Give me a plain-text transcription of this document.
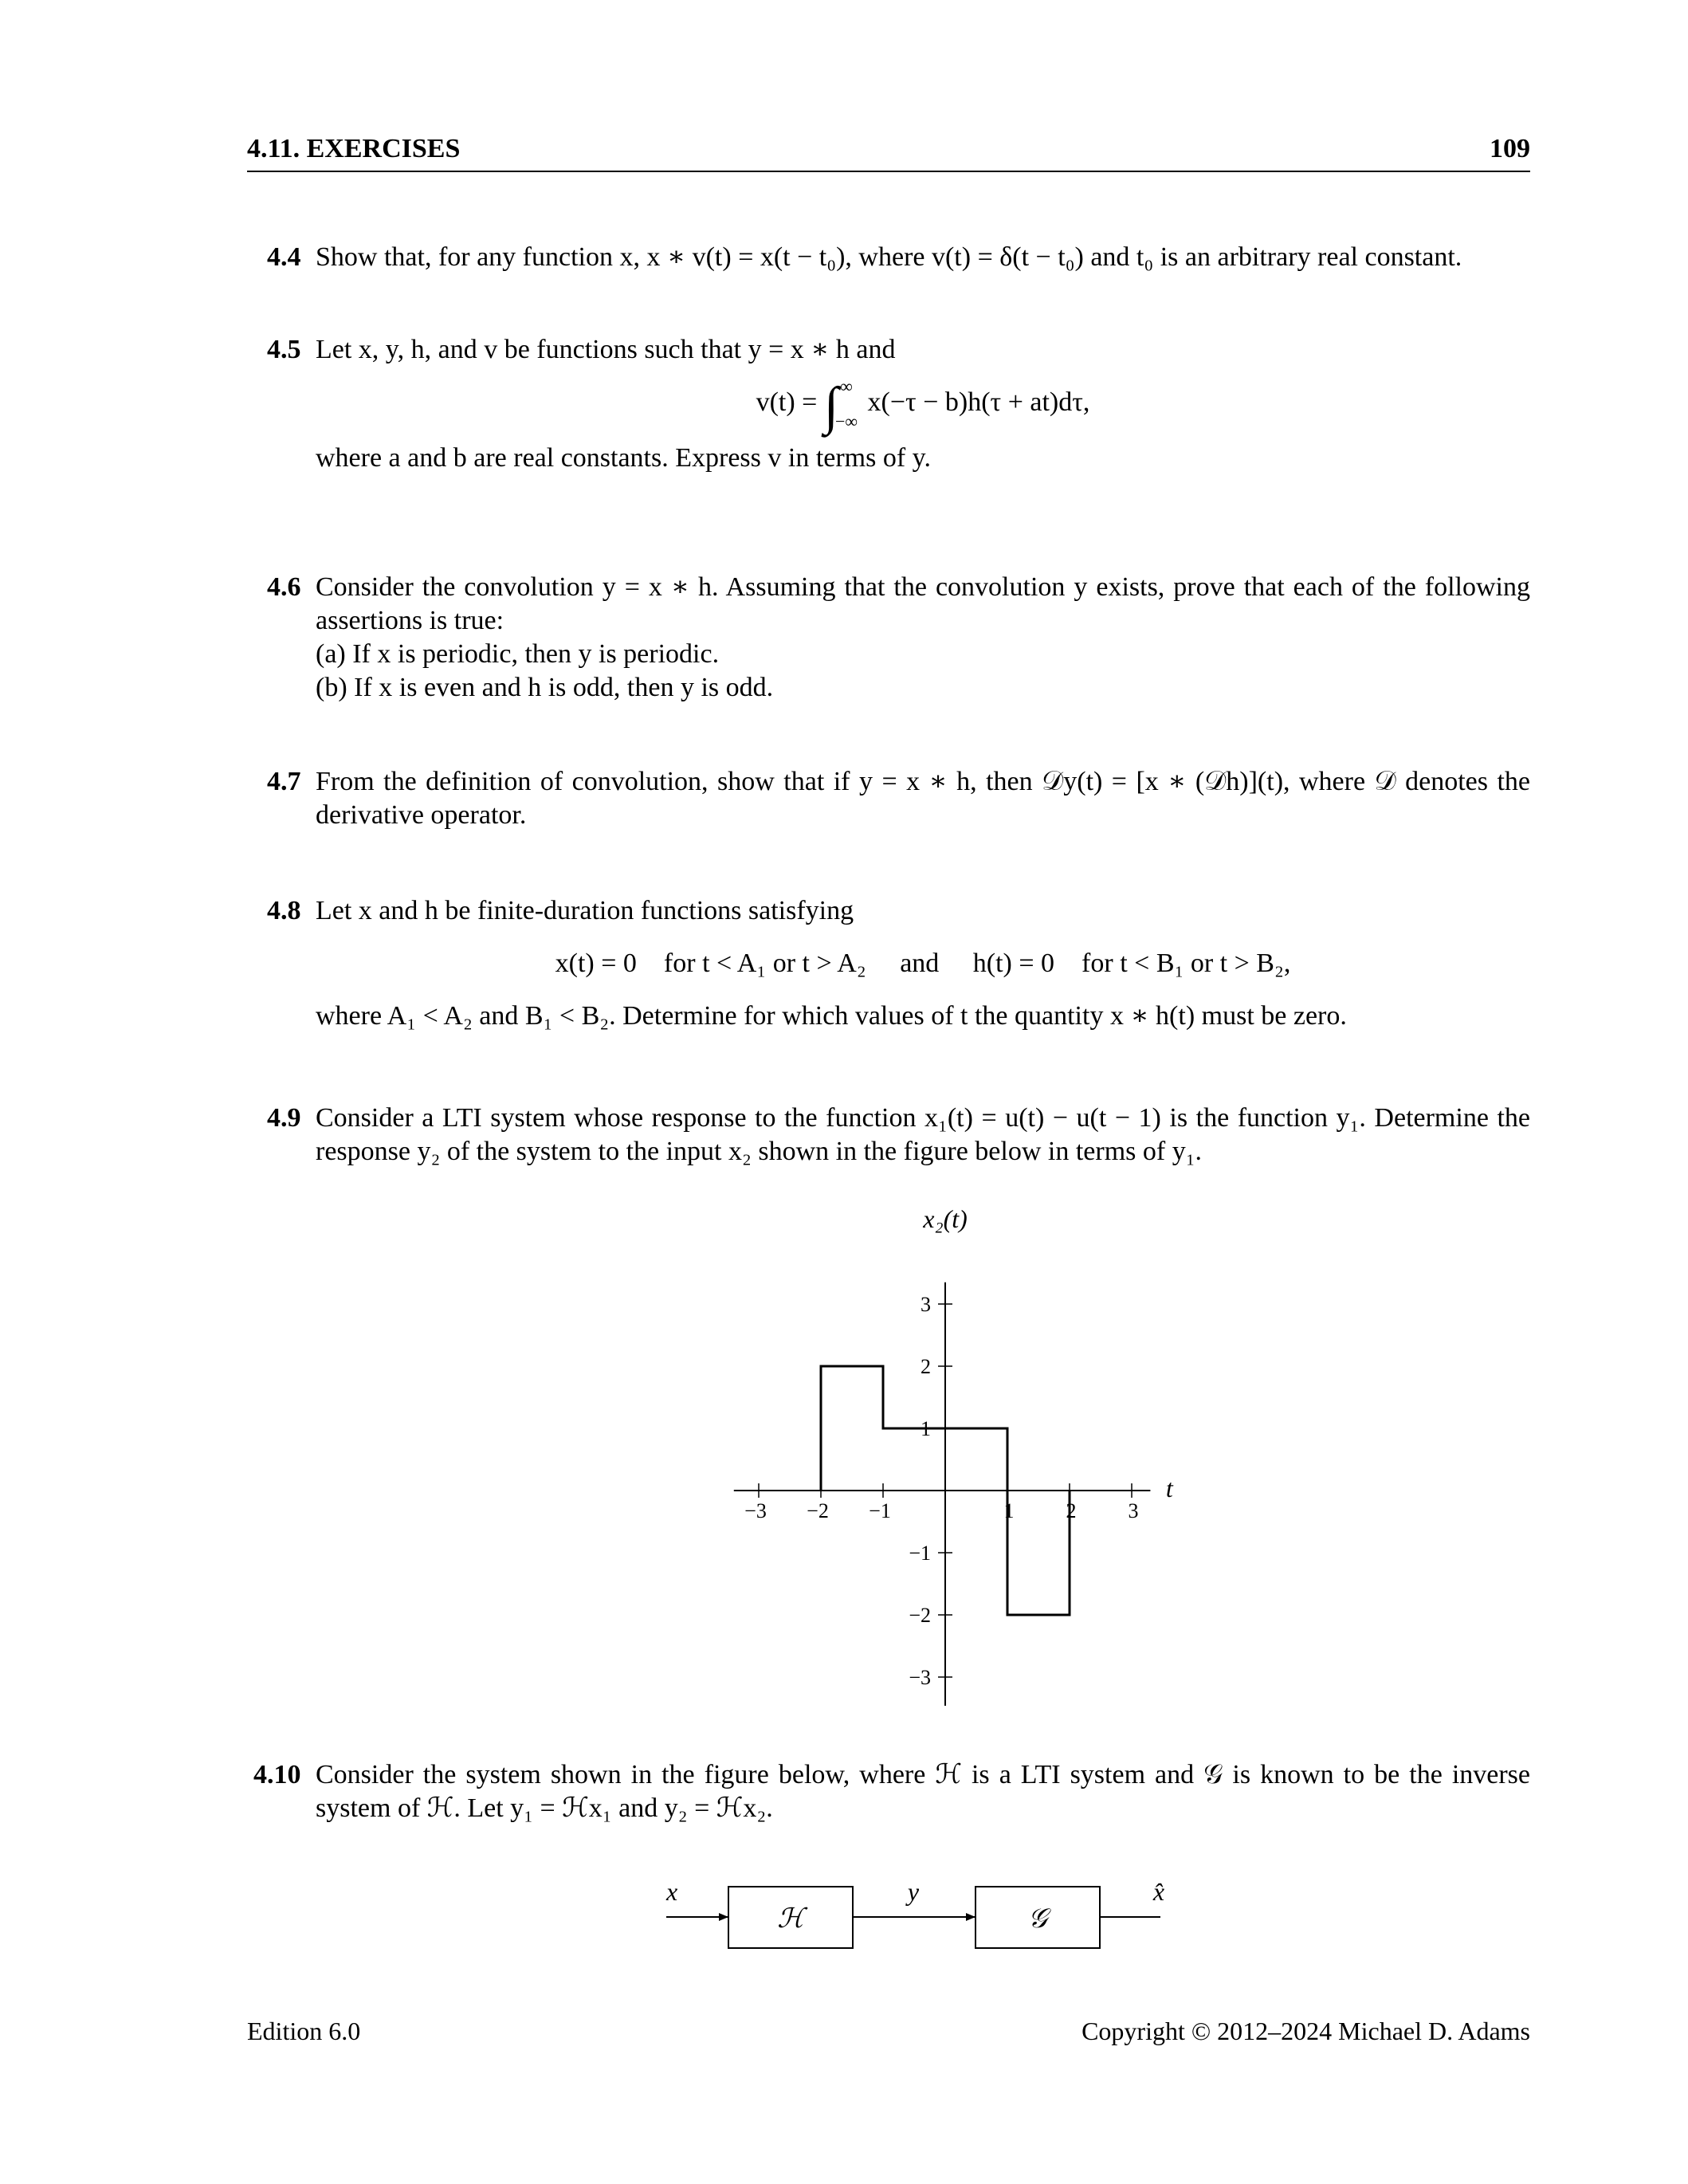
4.11. EXERCISES	109
4.4 Show that, for any function x, x ∗ v(t) = x(t − t₀), where v(t) = δ(t − t₀) and t₀ is an arbitrary real constant.
4.5 Let x, y, h, and v be functions such that y = x ∗ h and
v(t) = ∫ ∞

−∞ x(−τ − b)h(τ + at)dτ,
where a and b are real constants. Express v in terms of y.
4.6 Consider the convolution y = x ∗ h. Assuming that the convolution y exists, prove that each of the following assertions is true:
(a) If x is periodic, then y is periodic.
(b) If x is even and h is odd, then y is odd.
4.7 From the definition of convolution, show that if y = x ∗ h, then 𝒟y(t) = [x ∗ (𝒟h)](t), where 𝒟 denotes the derivative operator.
4.8 Let x and h be finite-duration functions satisfying
x(t) = 0    for t < A₁ or t > A₂     and     h(t) = 0    for t < B₁ or t > B₂,
where A₁ < A₂ and B₁ < B₂. Determine for which values of t the quantity x ∗ h(t) must be zero.
4.9 Consider a LTI system whose response to the function x₁(t) = u(t) − u(t − 1) is the function y₁. Determine the response y₂ of the system to the input x₂ shown in the figure below in terms of y₁.
−3 −2 −1	1	2	3
3
2
1
−1
−2
−3
x₂(t)
t
4.10 Consider the system shown in the figure below, where ℋ is a LTI system and 𝒢 is known to be the inverse system of ℋ. Let y₁ = ℋx₁ and y₂ = ℋx₂.
x
ℋ
y
𝒢
x̂
Edition 6.0	Copyright © 2012–2024 Michael D. Adams
